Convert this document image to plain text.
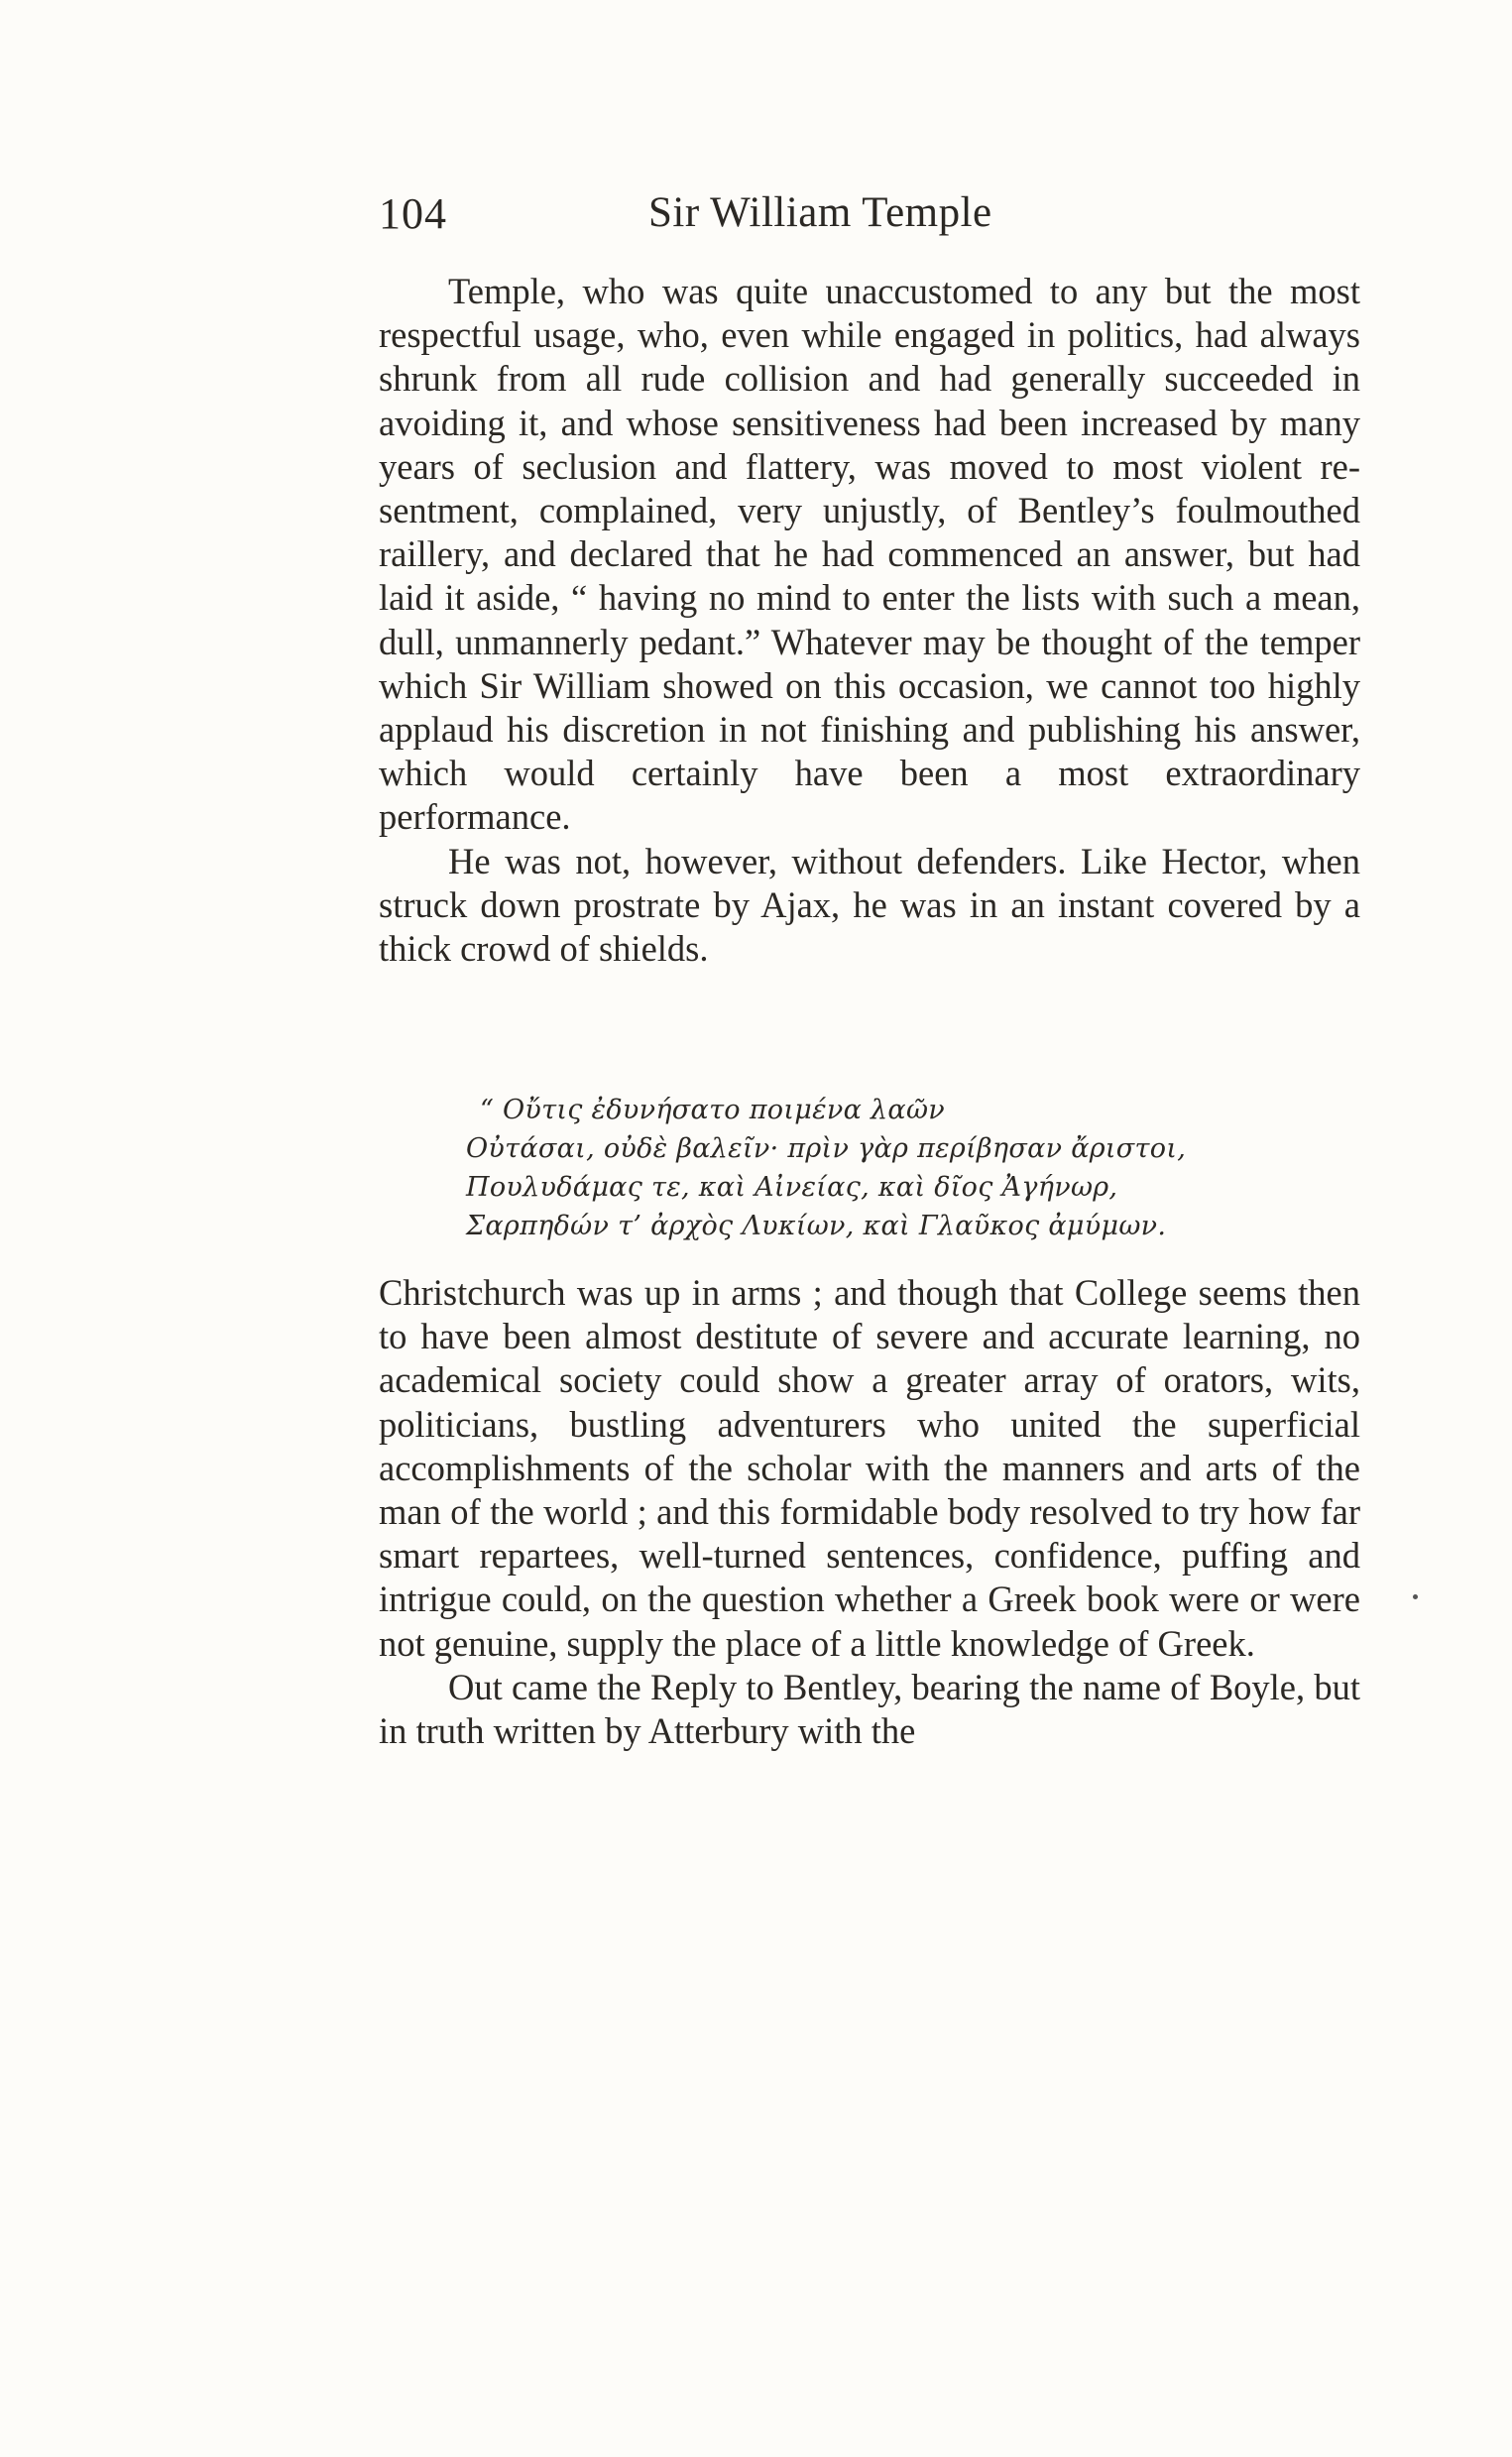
104	Sir William Temple

Temple, who was quite unaccustomed to any but the most respectful usage, who, even while engaged in politics, had always shrunk from all rude collision and had generally succeeded in avoiding it, and whose sensitiveness had been increased by many years of seclusion and flattery, was moved to most violent resentment, complained, very unjustly, of Bentley’s foulmouthed raillery, and declared that he had commenced an answer, but had laid it aside, “ having no mind to enter the lists with such a mean, dull, unmannerly pedant.” Whatever may be thought of the temper which Sir William showed on this occasion, we cannot too highly applaud his discretion in not finishing and publishing his answer, which would certainly have been a most extraordinary performance.

He was not, however, without defenders. Like Hector, when struck down prostrate by Ajax, he was in an instant covered by a thick crowd of shields.

“ Οὔτις ἐδυνήσατο ποιμένα λαῶν
Οὐτάσαι, οὐδὲ βαλεῖν· πρὶν γὰρ περίβησαν ἄριστοι,
Πουλυδάμας τε, καὶ Αἰνείας, καὶ δῖος Ἀγήνωρ,
Σαρπηδών τ’ ἀρχὸς Λυκίων, καὶ Γλαῦκος ἀμύμων.

Christchurch was up in arms ; and though that College seems then to have been almost destitute of severe and accurate learning, no academical society could show a greater array of orators, wits, politicians, bustling adventurers who united the superficial accomplishments of the scholar with the manners and arts of the man of the world ; and this formidable body resolved to try how far smart repartees, well-turned sentences, confidence, puffing and intrigue could, on the question whether a Greek book were or were not genuine, supply the place of a little knowledge of Greek.

Out came the Reply to Bentley, bearing the name of Boyle, but in truth written by Atterbury with the
